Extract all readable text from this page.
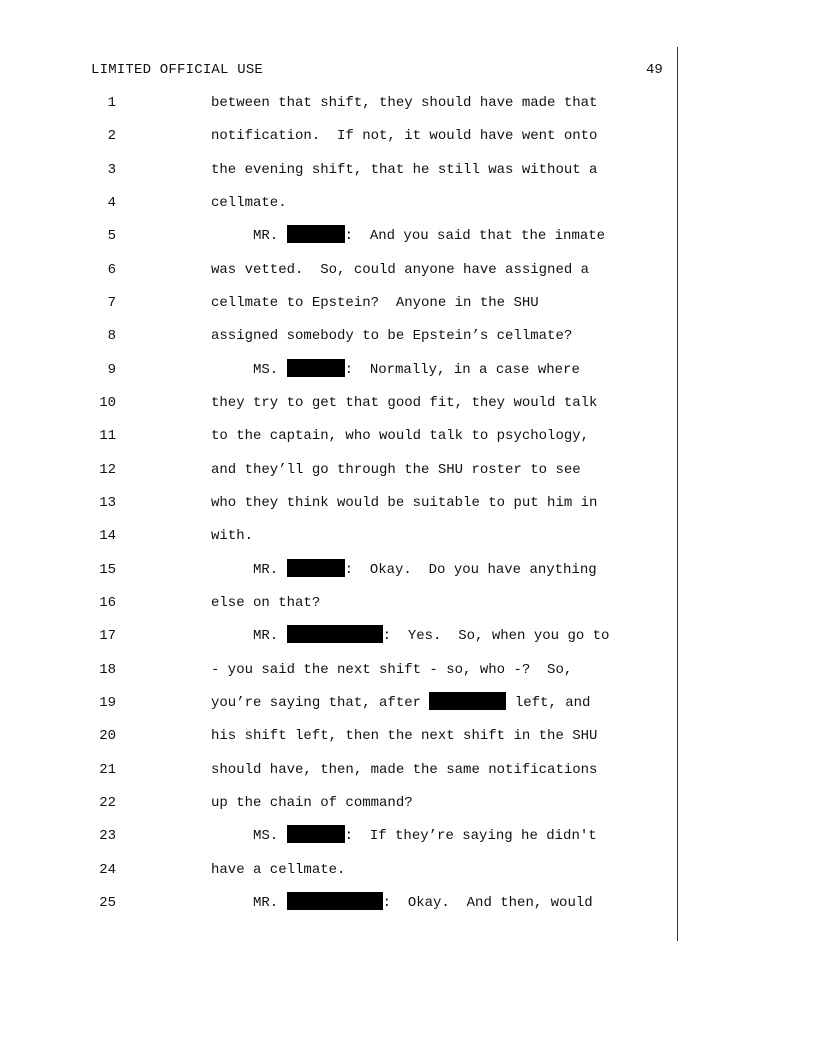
LIMITED OFFICIAL USE	49
1	between that shift, they should have made that
2	notification.  If not, it would have went onto
3	the evening shift, that he still was without a
4	cellmate.
5	MR.	:  And you said that the inmate
6	was vetted.  So, could anyone have assigned a
7	cellmate to Epstein?  Anyone in the SHU
8	assigned somebody to be Epstein’s cellmate?
9	MS.	:  Normally, in a case where
10	they try to get that good fit, they would talk
11	to the captain, who would talk to psychology,
12	and they’ll go through the SHU roster to see
13	who they think would be suitable to put him in
14	with.
15	MR.	:  Okay.  Do you have anything
16	else on that?
17	MR.	:  Yes.  So, when you go to
18	- you said the next shift - so, who -?  So,
19	you’re saying that, after	left, and
20	his shift left, then the next shift in the SHU
21	should have, then, made the same notifications
22	up the chain of command?
23	MS.	:  If they’re saying he didn't
24	have a cellmate.
25	MR.	:  Okay.  And then, would
